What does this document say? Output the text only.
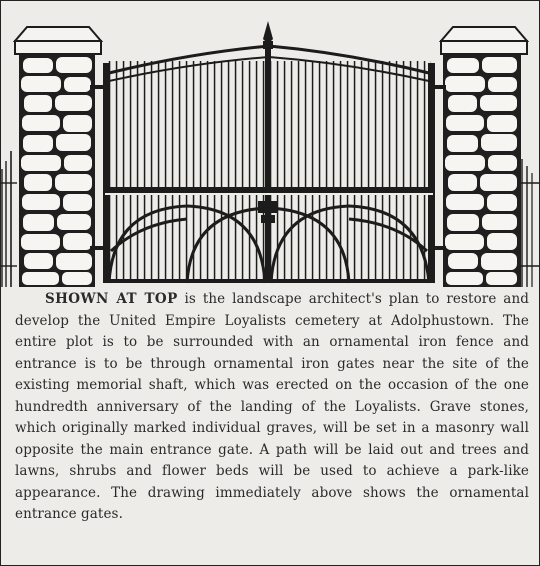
SHOWN AT TOP is the landscape architect's plan to restore and develop the United Empire Loyalists cemetery at Adolphustown. The entire plot is to be surrounded with an ornamental iron fence and entrance is to be through ornamental iron gates near the site of the existing memorial shaft, which was erected on the occasion of the one hundredth anniversary of the landing of the Loyalists. Grave stones, which originally marked individual graves, will be set in a masonry wall opposite the main entrance gate. A path will be laid out and trees and lawns, shrubs and flower beds will be used to achieve a park-like appearance. The drawing immediately above shows the ornamental entrance gates.
